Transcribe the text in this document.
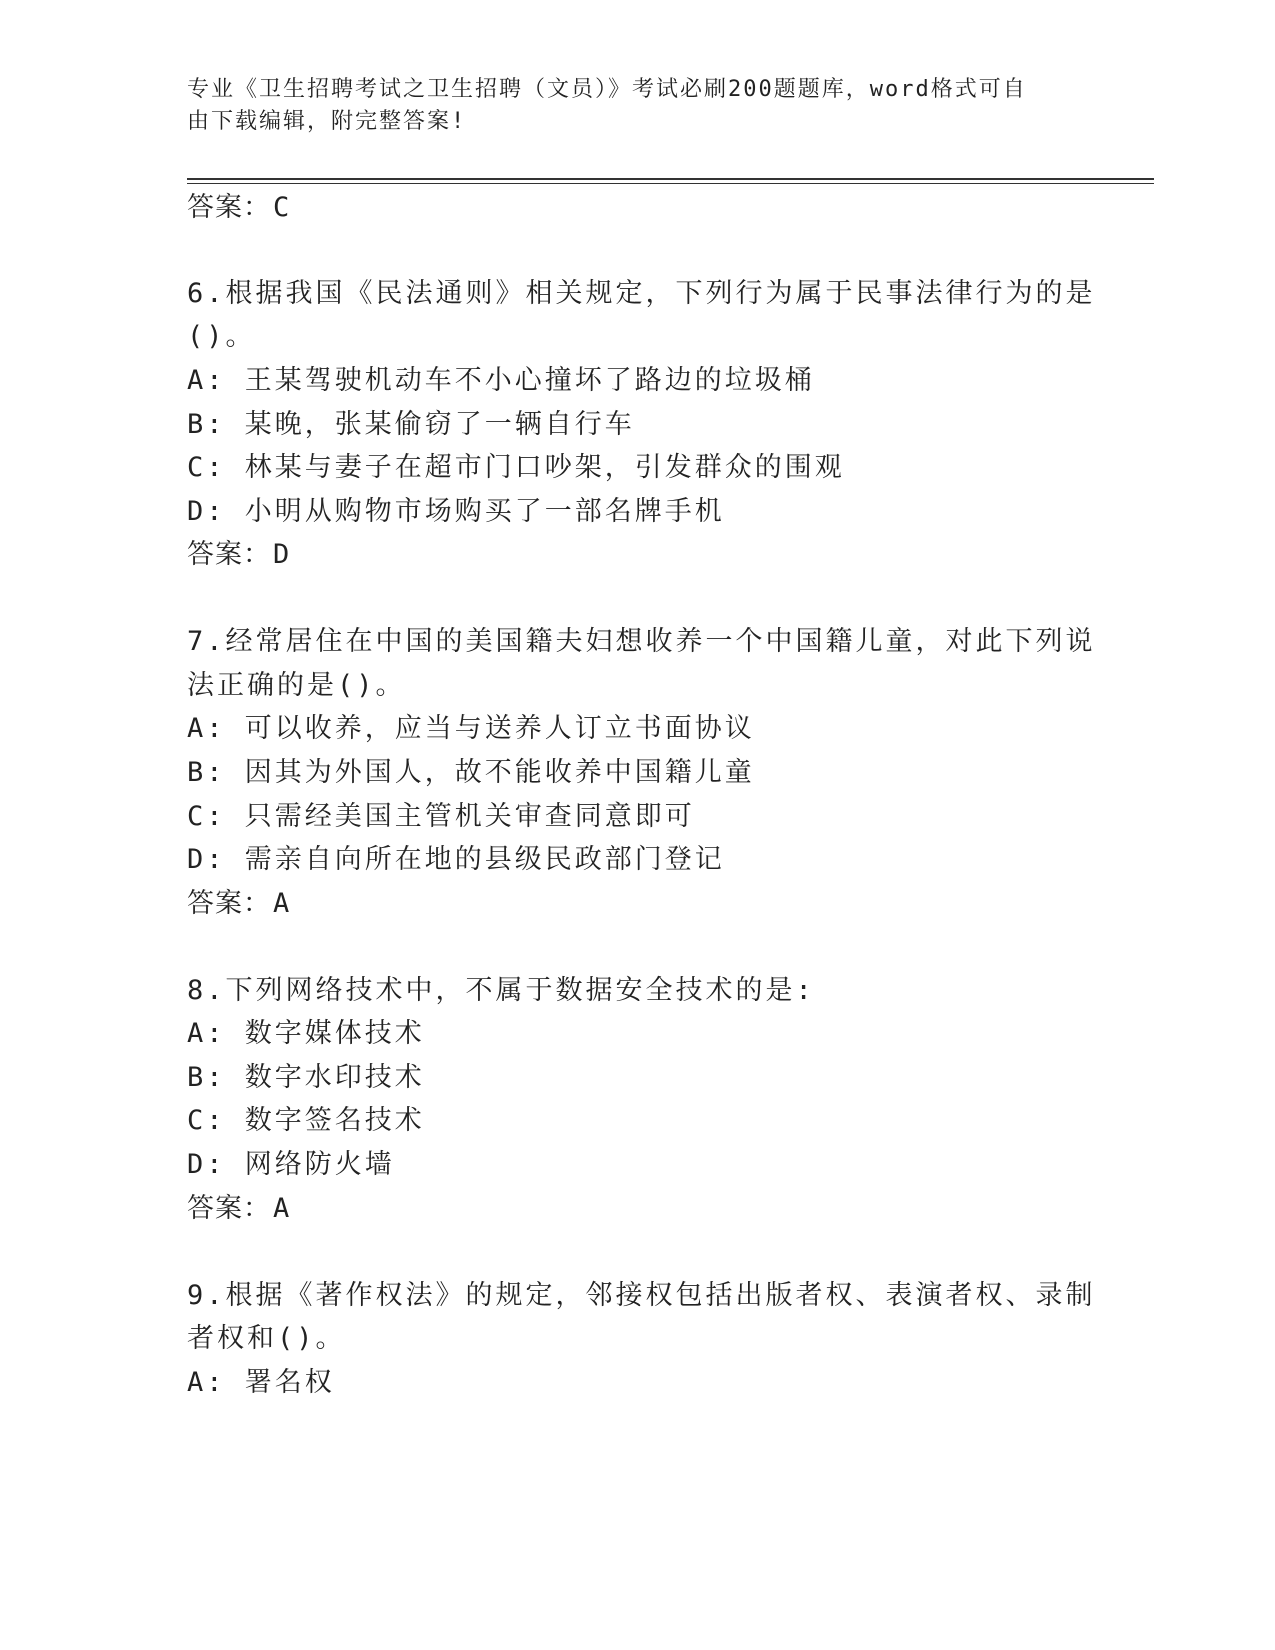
专业《卫生招聘考试之卫生招聘（文员）》考试必刷200题题库，word格式可自
由下载编辑，附完整答案!
答案：C
6.根据我国《民法通则》相关规定，下列行为属于民事法律行为的是
()。
A: 王某驾驶机动车不小心撞坏了路边的垃圾桶
B: 某晚，张某偷窃了一辆自行车
C: 林某与妻子在超市门口吵架，引发群众的围观
D: 小明从购物市场购买了一部名牌手机
答案：D
7.经常居住在中国的美国籍夫妇想收养一个中国籍儿童，对此下列说
法正确的是()。
A: 可以收养，应当与送养人订立书面协议
B: 因其为外国人，故不能收养中国籍儿童
C: 只需经美国主管机关审查同意即可
D: 需亲自向所在地的县级民政部门登记
答案：A
8.下列网络技术中，不属于数据安全技术的是:
A: 数字媒体技术
B: 数字水印技术
C: 数字签名技术
D: 网络防火墙
答案：A
9.根据《著作权法》的规定，邻接权包括出版者权、表演者权、录制
者权和()。
A: 署名权
